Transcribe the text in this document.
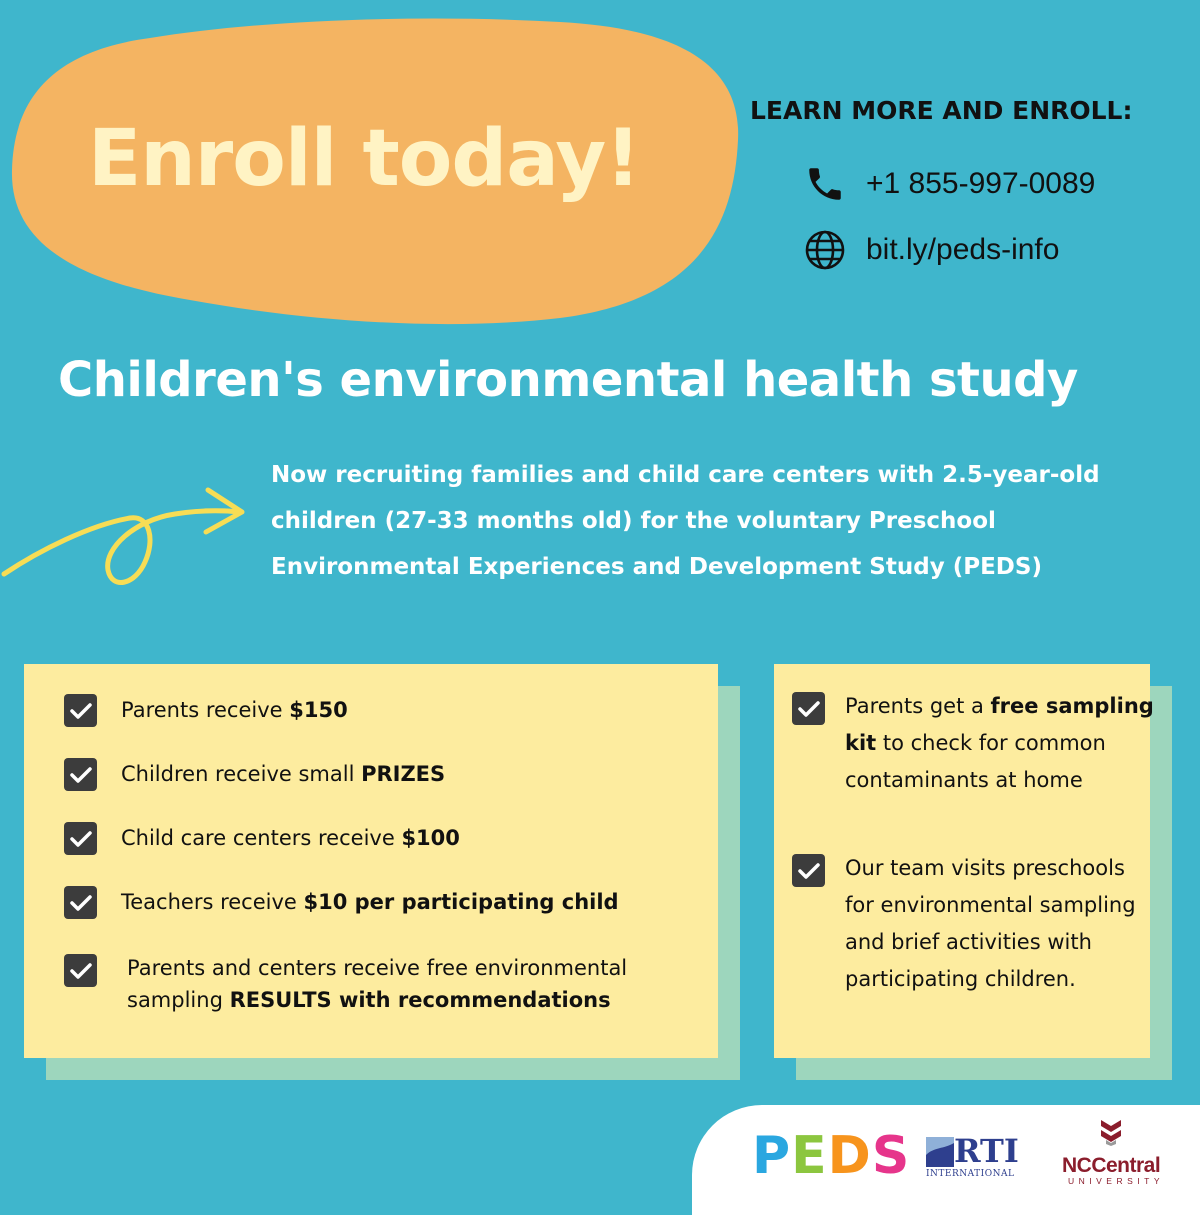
Enroll today!
LEARN MORE AND ENROLL:
+1 855-997-0089
bit.ly/peds-info
Children's environmental health study

Now recruiting families and child care centers with 2.5-year-old children (27-33 months old) for the voluntary Preschool Environmental Experiences and Development Study (PEDS)

Parents receive $150
Children receive small PRIZES
Child care centers receive $100
Teachers receive $10 per participating child
Parents and centers receive free environmental sampling RESULTS with recommendations
Parents get a free sampling kit to check for common contaminants at home
Our team visits preschools for environmental sampling and brief activities with participating children.
PEDS RTI
INTERNATIONAL NCCentral
UNIVERSITY
